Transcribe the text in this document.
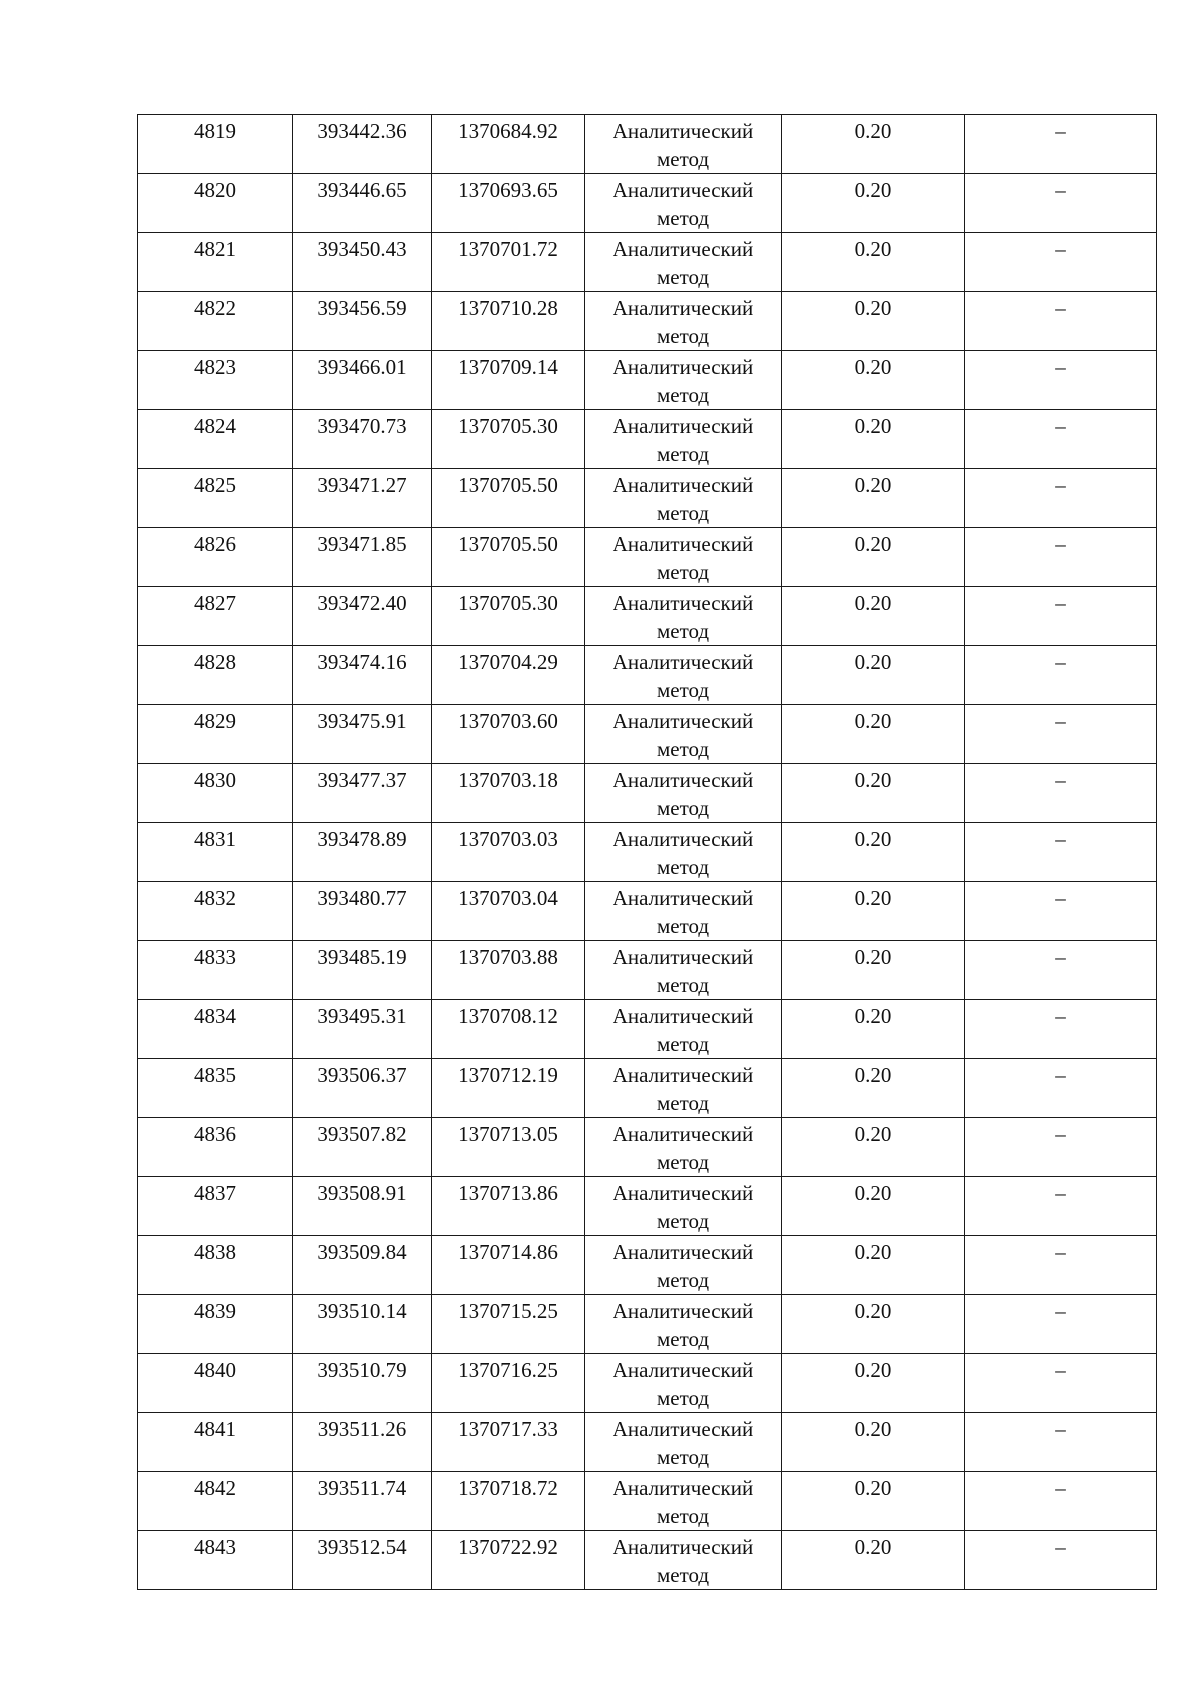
4819	393442.36	1370684.92	Аналитический
метод	0.20	–

4820	393446.65	1370693.65	Аналитический
метод	0.20	–

4821	393450.43	1370701.72	Аналитический
метод	0.20	–

4822	393456.59	1370710.28	Аналитический
метод	0.20	–

4823	393466.01	1370709.14	Аналитический
метод	0.20	–

4824	393470.73	1370705.30	Аналитический
метод	0.20	–

4825	393471.27	1370705.50	Аналитический
метод	0.20	–

4826	393471.85	1370705.50	Аналитический
метод	0.20	–

4827	393472.40	1370705.30	Аналитический
метод	0.20	–

4828	393474.16	1370704.29	Аналитический
метод	0.20	–

4829	393475.91	1370703.60	Аналитический
метод	0.20	–

4830	393477.37	1370703.18	Аналитический
метод	0.20	–

4831	393478.89	1370703.03	Аналитический
метод	0.20	–

4832	393480.77	1370703.04	Аналитический
метод	0.20	–

4833	393485.19	1370703.88	Аналитический
метод	0.20	–

4834	393495.31	1370708.12	Аналитический
метод	0.20	–

4835	393506.37	1370712.19	Аналитический
метод	0.20	–

4836	393507.82	1370713.05	Аналитический
метод	0.20	–

4837	393508.91	1370713.86	Аналитический
метод	0.20	–

4838	393509.84	1370714.86	Аналитический
метод	0.20	–

4839	393510.14	1370715.25	Аналитический
метод	0.20	–

4840	393510.79	1370716.25	Аналитический
метод	0.20	–

4841	393511.26	1370717.33	Аналитический
метод	0.20	–

4842	393511.74	1370718.72	Аналитический
метод	0.20	–

4843	393512.54	1370722.92	Аналитический
метод	0.20	–
